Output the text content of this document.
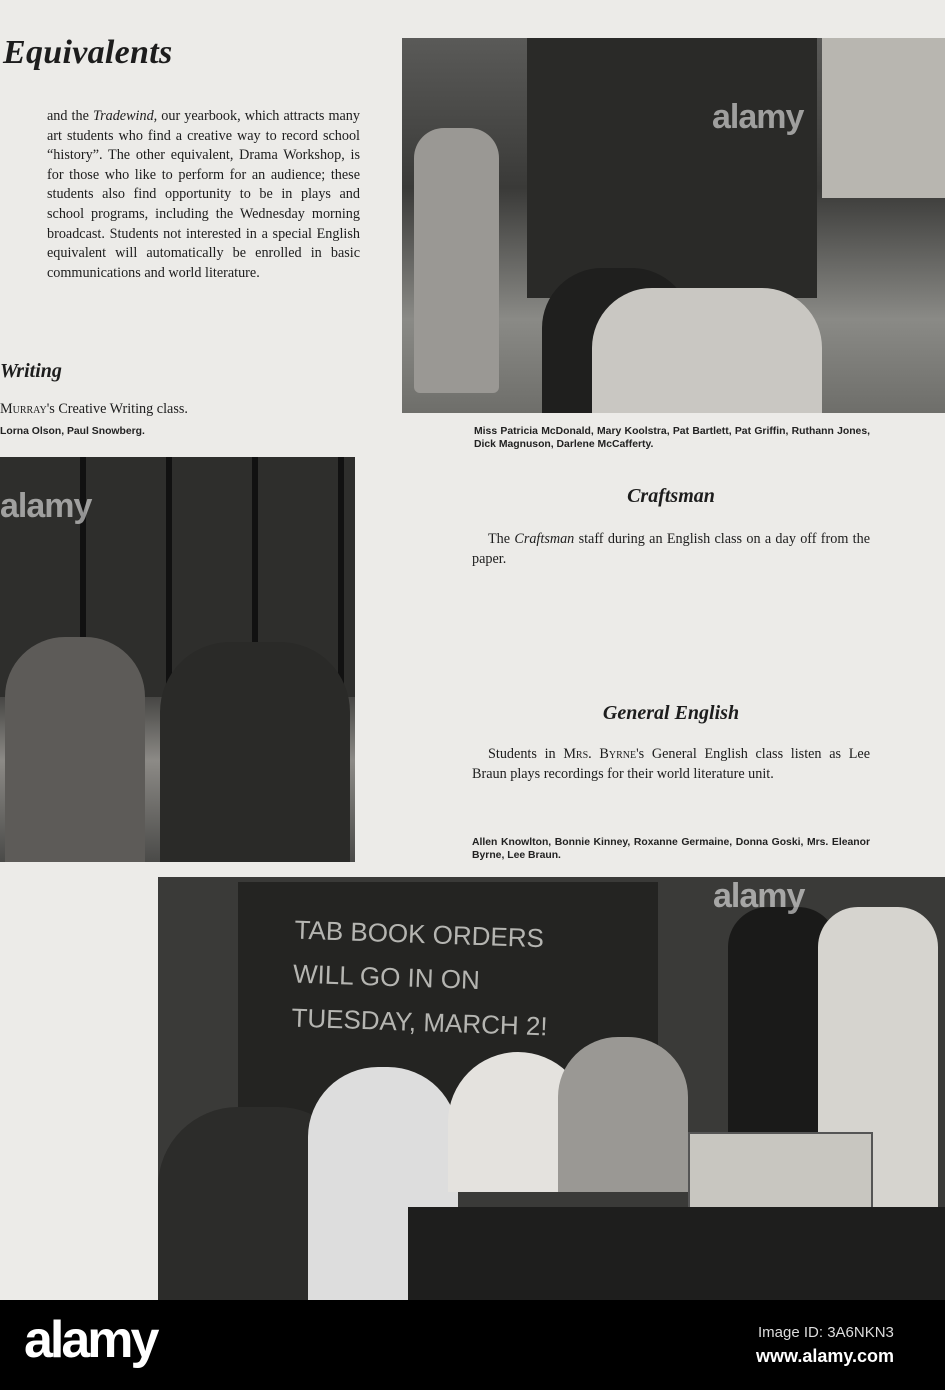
Equivalents

and the Tradewind, our yearbook, which attracts many art students who find a creative way to record school “history”. The other equivalent, Drama Workshop, is for those who like to perform for an audience; these students also find opportunity to be in plays and school programs, including the Wednesday morning broadcast. Students not interested in a special English equivalent will automatically be enrolled in basic communications and world literature.

Writing
Murray's Creative Writing class.
Lorna Olson, Paul Snowberg.
alamy
Miss Patricia McDonald, Mary Koolstra, Pat Bartlett, Pat Griffin, Ruthann Jones, Dick Magnuson, Darlene McCafferty.
Craftsman

The Craftsman staff during an English class on a day off from the paper.

alamy
General English

Students in Mrs. Byrne's General English class listen as Lee Braun plays recordings for their world literature unit.

Allen Knowlton, Bonnie Kinney, Roxanne Germaine, Donna Goski, Mrs. Eleanor Byrne, Lee Braun.
TAB BOOK ORDERS
WILL GO IN ON
TUESDAY, MARCH 2!
alamy
alamy	Image ID: 3A6NKN3
www.alamy.com
